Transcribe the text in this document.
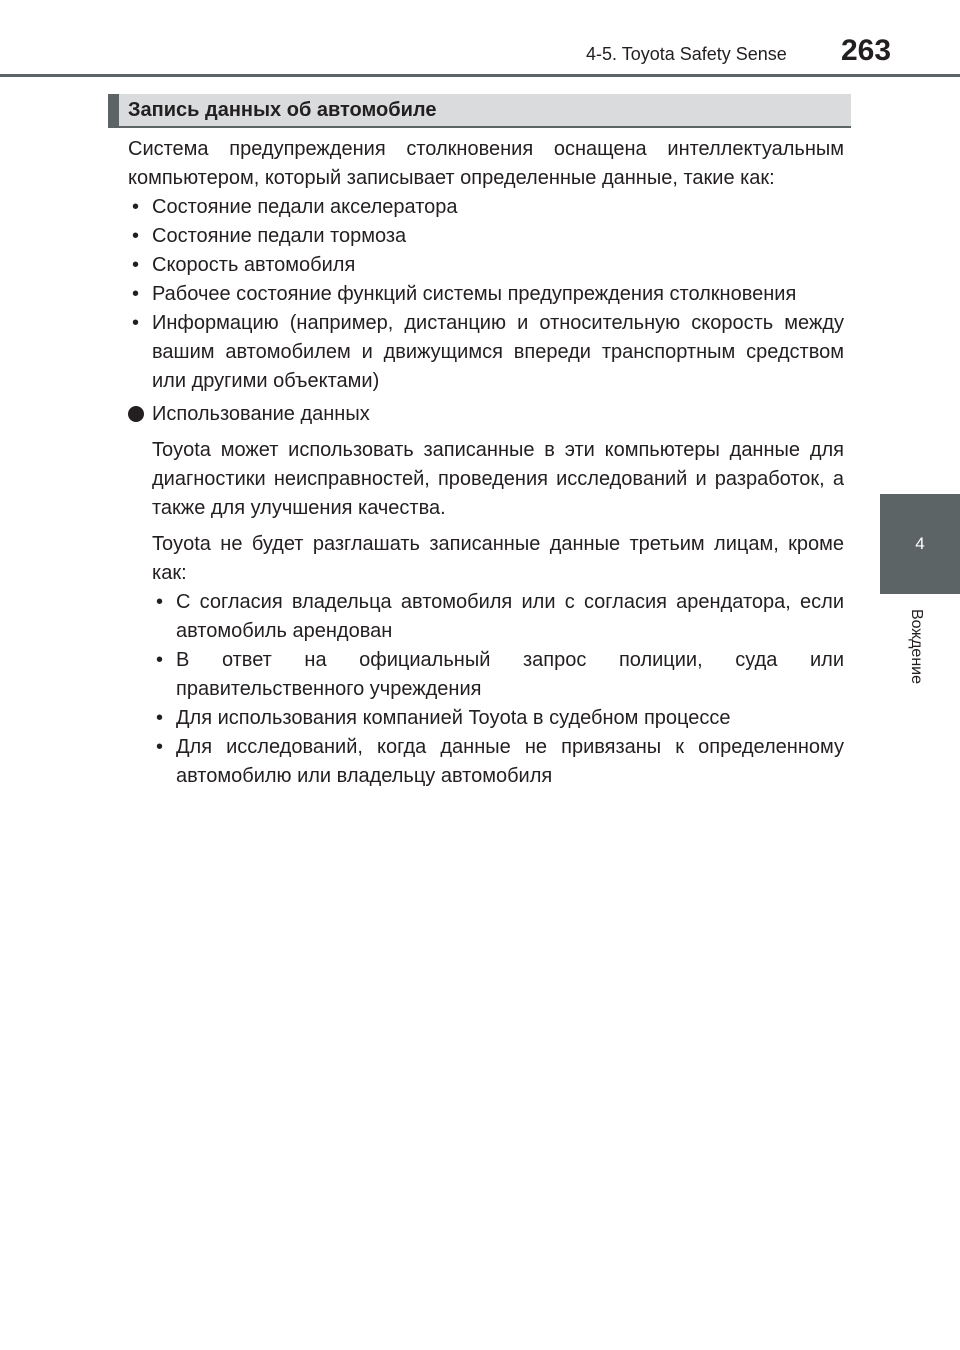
4-5. Toyota Safety Sense 263
4
Вождение
Запись данных об автомобиле
Система предупреждения столкновения оснащена интеллектуальным компьютером, который записывает определенные данные, такие как:
• Состояние педали акселератора
• Состояние педали тормоза
• Скорость автомобиля
• Рабочее состояние функций системы предупреждения столкновения
• Информацию (например, дистанцию и относительную скорость между вашим автомобилем и движущимся впереди транспортным средством или другими объектами)
Использование данных

Toyota может использовать записанные в эти компьютеры данные для диагностики неисправностей, проведения исследований и разработок, а также для улучшения качества.

Toyota не будет разглашать записанные данные третьим лицам, кроме как:

• С согласия владельца автомобиля или с согласия арендатора, если автомобиль арендован
• В ответ на официальный запрос полиции, суда или правительственного учреждения
• Для использования компанией Toyota в судебном процессе
• Для исследований, когда данные не привязаны к определенному автомобилю или владельцу автомобиля
